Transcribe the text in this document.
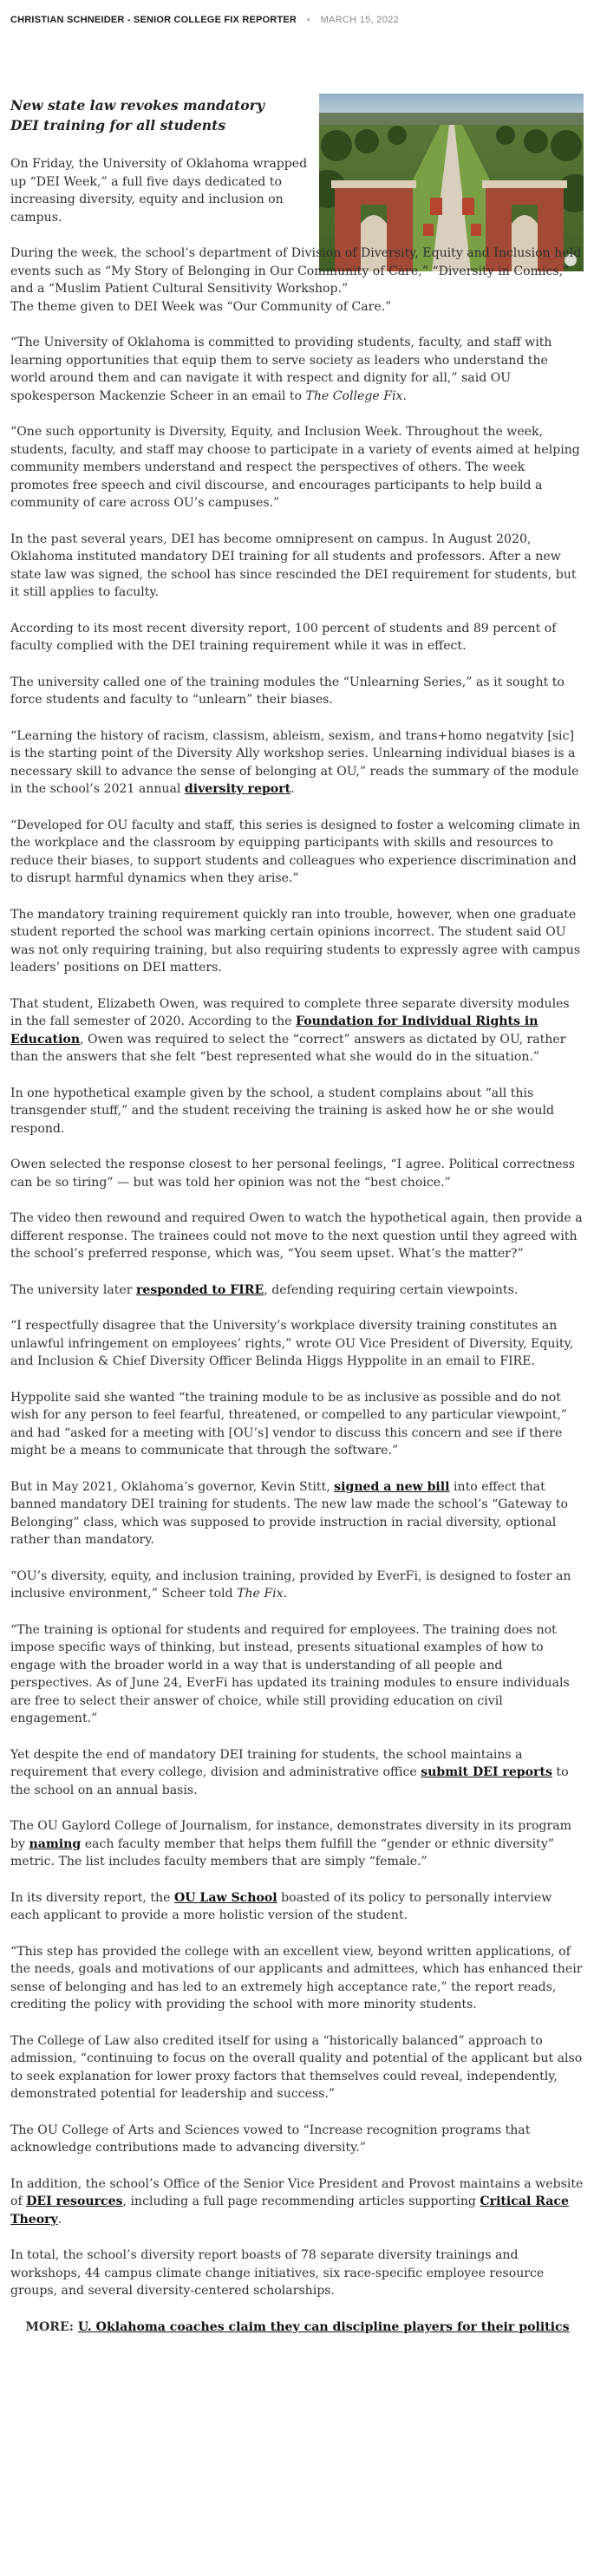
CHRISTIAN SCHNEIDER - SENIOR COLLEGE FIX REPORTER • MARCH 15, 2022

New state law revokes mandatory DEI training for all students

On Friday, the University of Oklahoma wrapped up “DEI Week,” a full five days dedicated to increasing diversity, equity and inclusion on campus.

During the week, the school’s department of Division of Diversity, Equity and Inclusion held events such as “My Story of Belonging in Our Community of Care,” “Diversity in Comics,” and a “Muslim Patient Cultural Sensitivity Workshop.”

The theme given to DEI Week was “Our Community of Care.”

“The University of Oklahoma is committed to providing students, faculty, and staff with learning opportunities that equip them to serve society as leaders who understand the world around them and can navigate it with respect and dignity for all,” said OU spokesperson Mackenzie Scheer in an email to The College Fix.

“One such opportunity is Diversity, Equity, and Inclusion Week. Throughout the week, students, faculty, and staff may choose to participate in a variety of events aimed at helping community members understand and respect the perspectives of others. The week promotes free speech and civil discourse, and encourages participants to help build a community of care across OU’s campuses.”

In the past several years, DEI has become omnipresent on campus. In August 2020, Oklahoma instituted mandatory DEI training for all students and professors. After a new state law was signed, the school has since rescinded the DEI requirement for students, but it still applies to faculty.

According to its most recent diversity report, 100 percent of students and 89 percent of faculty complied with the DEI training requirement while it was in effect.

The university called one of the training modules the “Unlearning Series,” as it sought to force students and faculty to “unlearn” their biases.

“Learning the history of racism, classism, ableism, sexism, and trans+homo negatvity [sic] is the starting point of the Diversity Ally workshop series. Unlearning individual biases is a necessary skill to advance the sense of belonging at OU,” reads the summary of the module in the school’s 2021 annual diversity report.

“Developed for OU faculty and staff, this series is designed to foster a welcoming climate in the workplace and the classroom by equipping participants with skills and resources to reduce their biases, to support students and colleagues who experience discrimination and to disrupt harmful dynamics when they arise.”

The mandatory training requirement quickly ran into trouble, however, when one graduate student reported the school was marking certain opinions incorrect. The student said OU was not only requiring training, but also requiring students to expressly agree with campus leaders’ positions on DEI matters.

That student, Elizabeth Owen, was required to complete three separate diversity modules in the fall semester of 2020. According to the Foundation for Individual Rights in Education, Owen was required to select the “correct” answers as dictated by OU, rather than the answers that she felt “best represented what she would do in the situation.”

In one hypothetical example given by the school, a student complains about “all this transgender stuff,” and the student receiving the training is asked how he or she would respond.

Owen selected the response closest to her personal feelings, “I agree. Political correctness can be so tiring” — but was told her opinion was not the “best choice.”

The video then rewound and required Owen to watch the hypothetical again, then provide a different response. The trainees could not move to the next question until they agreed with the school’s preferred response, which was, “You seem upset. What’s the matter?”

The university later responded to FIRE, defending requiring certain viewpoints.

“I respectfully disagree that the University’s workplace diversity training constitutes an unlawful infringement on employees’ rights,” wrote OU Vice President of Diversity, Equity, and Inclusion & Chief Diversity Officer Belinda Higgs Hyppolite in an email to FIRE.

Hyppolite said she wanted “the training module to be as inclusive as possible and do not wish for any person to feel fearful, threatened, or compelled to any particular viewpoint,” and had “asked for a meeting with [OU’s] vendor to discuss this concern and see if there might be a means to communicate that through the software.”

But in May 2021, Oklahoma’s governor, Kevin Stitt, signed a new bill into effect that banned mandatory DEI training for students. The new law made the school’s “Gateway to Belonging” class, which was supposed to provide instruction in racial diversity, optional rather than mandatory.

“OU’s diversity, equity, and inclusion training, provided by EverFi, is designed to foster an inclusive environment,” Scheer told The Fix.

“The training is optional for students and required for employees. The training does not impose specific ways of thinking, but instead, presents situational examples of how to engage with the broader world in a way that is understanding of all people and perspectives. As of June 24, EverFi has updated its training modules to ensure individuals are free to select their answer of choice, while still providing education on civil engagement.”

Yet despite the end of mandatory DEI training for students, the school maintains a requirement that every college, division and administrative office submit DEI reports to the school on an annual basis.

The OU Gaylord College of Journalism, for instance, demonstrates diversity in its program by naming each faculty member that helps them fulfill the “gender or ethnic diversity” metric. The list includes faculty members that are simply “female.”

In its diversity report, the OU Law School boasted of its policy to personally interview each applicant to provide a more holistic version of the student.

“This step has provided the college with an excellent view, beyond written applications, of the needs, goals and motivations of our applicants and admittees, which has enhanced their sense of belonging and has led to an extremely high acceptance rate,” the report reads, crediting the policy with providing the school with more minority students.

The College of Law also credited itself for using a “historically balanced” approach to admission, “continuing to focus on the overall quality and potential of the applicant but also to seek explanation for lower proxy factors that themselves could reveal, independently, demonstrated potential for leadership and success.”

The OU College of Arts and Sciences vowed to “Increase recognition programs that acknowledge contributions made to advancing diversity.”

In addition, the school’s Office of the Senior Vice President and Provost maintains a website of DEI resources, including a full page recommending articles supporting Critical Race Theory.

In total, the school’s diversity report boasts of 78 separate diversity trainings and workshops, 44 campus climate change initiatives, six race-specific employee resource groups, and several diversity-centered scholarships.

MORE: U. Oklahoma coaches claim they can discipline players for their politics
